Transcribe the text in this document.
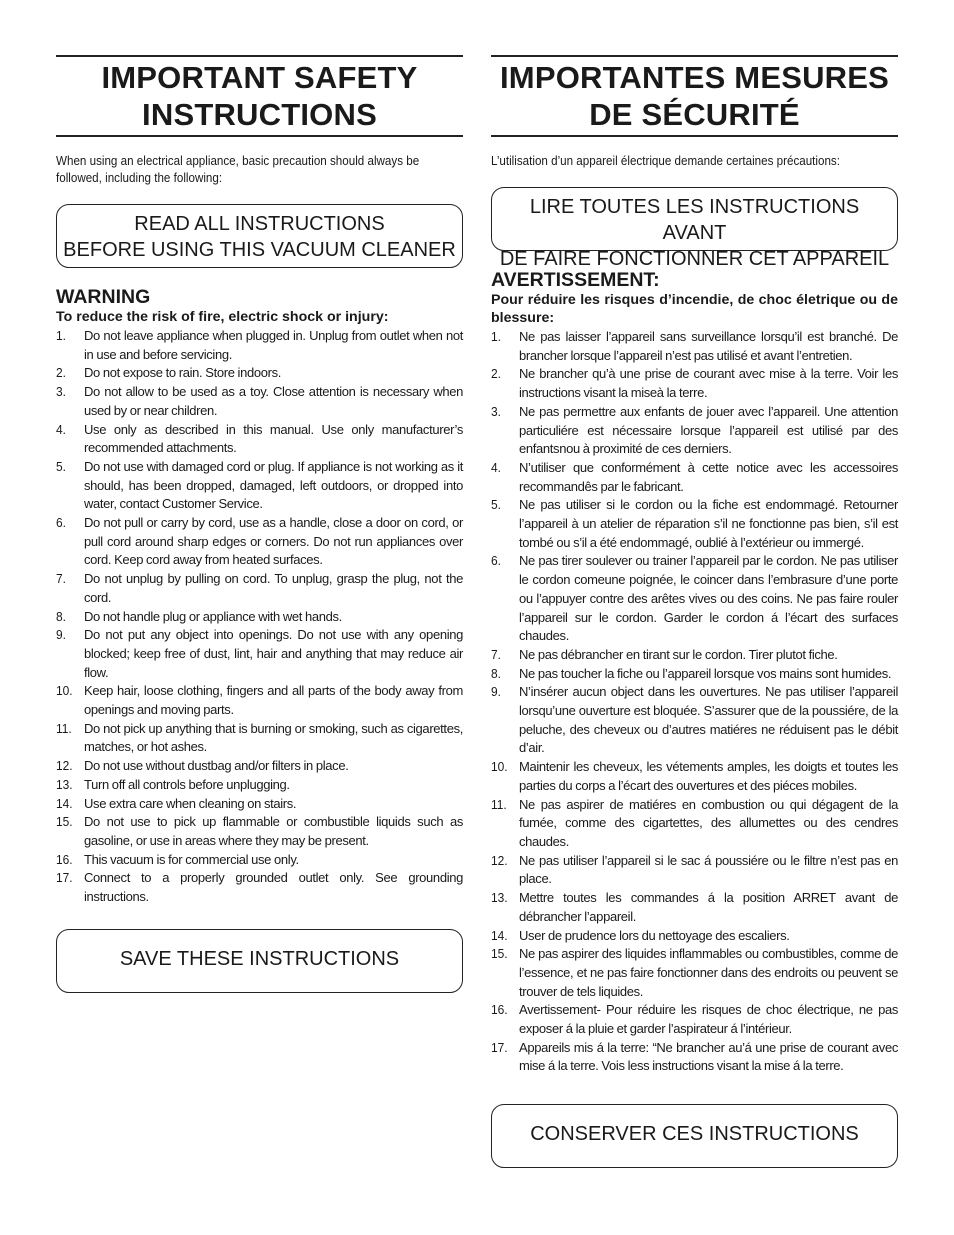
IMPORTANT SAFETY
INSTRUCTIONS

When using an electrical appliance, basic precaution should always be followed, including the following:

READ ALL INSTRUCTIONS
BEFORE USING THIS VACUUM CLEANER
WARNING
To reduce the risk of fire, electric shock or injury:
1.	Do not leave appliance when plugged in. Unplug from outlet when not in use and before servicing.
2.	Do not expose to rain. Store indoors.
3.	Do not allow to be used as a toy. Close attention is necessary when used by or near children.
4.	Use only as described in this manual. Use only manufacturer’s recommended attachments.
5.	Do not use with damaged cord or plug. If appliance is not working as it should, has been dropped, damaged, left outdoors, or dropped into water, contact Customer Service.
6.	Do not pull or carry by cord, use as a handle, close a door on cord, or pull cord around sharp edges or corners. Do not run appliances over cord. Keep cord away from heated surfaces.
7.	Do not unplug by pulling on cord. To unplug, grasp the plug, not the cord.
8.	Do not handle plug or appliance with wet hands.
9.	Do not put any object into openings. Do not use with any opening blocked; keep free of dust, lint, hair and anything that may reduce air flow.
10. Keep hair, loose clothing, fingers and all parts of the body away from openings and moving parts.
11. Do not pick up anything that is burning or smoking, such as cigarettes, matches, or hot ashes.
12. Do not use without dustbag and/or filters in place.
13. Turn off all controls before unplugging.
14. Use extra care when cleaning on stairs.
15. Do not use to pick up flammable or combustible liquids such as gasoline, or use in areas where they may be present.
16. This vacuum is for commercial use only.
17. Connect to a properly grounded outlet only. See grounding instructions.
SAVE THESE INSTRUCTIONS
IMPORTANTES MESURES
DE SÉCURITÉ

L’utilisation d’un appareil électrique demande certaines précautions:

LIRE TOUTES LES INSTRUCTIONS AVANT
DE FAIRE FONCTIONNER CET APPAREIL
AVERTISSEMENT:
Pour réduire les risques d’incendie, de choc életrique ou de blessure:
1.	Ne pas laisser l’appareil sans surveillance lorsqu’il est branché. De brancher lorsque l’appareil n’est pas utilisé et avant l’entretien.
2.	Ne brancher qu’à une prise de courant avec mise à la terre. Voir les instructions visant la miseà la terre.
3.	Ne pas permettre aux enfants de jouer avec l’appareil. Une attention particuliére est nécessaire lorsque l’appareil est utilisé par des enfantsnou à proximité de ces derniers.
4.	N’utiliser que conformément à cette notice avec les accessoires recommandês par le fabricant.
5.	Ne pas utiliser si le cordon ou la fiche est endommagé. Retourner l’appareil à un atelier de réparation s’il ne fonctionne pas bien, s’il est tombé ou s’il a été endommagé, oublié à l’extérieur ou immergé.
6.	Ne pas tirer soulever ou trainer l’appareil par le cordon. Ne pas utiliser le cordon comeune poignée, le coincer dans l’embrasure d’une porte ou l’appuyer contre des arêtes vives ou des coins. Ne pas faire rouler l’appareil sur le cordon. Garder le cordon á l’écart des surfaces chaudes.
7.	Ne pas débrancher en tirant sur le cordon. Tirer plutot fiche.
8.	Ne pas toucher la fiche ou l’appareil lorsque vos mains sont humides.
9.	N’insérer aucun object dans les ouvertures. Ne pas utiliser l’appareil lorsqu’une ouverture est bloquée. S’assurer que de la poussiére, de la peluche, des cheveux ou d’autres matiéres ne réduisent pas le débit d’air.
10. Maintenir les cheveux, les vétements amples, les doigts et toutes les parties du corps a l’écart des ouvertures et des piéces mobiles.
11. Ne pas aspirer de matiéres en combustion ou qui dégagent de la fumée, comme des cigartettes, des allumettes ou des cendres chaudes.
12. Ne pas utiliser l’appareil si le sac á poussiére ou le filtre n’est pas en place.
13. Mettre toutes les commandes á la position ARRET avant de débrancher l’appareil.
14. User de prudence lors du nettoyage des escaliers.
15. Ne pas aspirer des liquides inflammables ou combustibles, comme de l’essence, et ne pas faire fonctionner dans des endroits ou peuvent se trouver de tels liquides.
16. Avertissement- Pour réduire les risques de choc électrique, ne pas exposer á la pluie et garder l’aspirateur á l’intérieur.
17. Appareils mis á la terre: “Ne brancher au’á une prise de courant avec mise á la terre. Vois less instructions visant la mise á la terre.
CONSERVER CES INSTRUCTIONS
